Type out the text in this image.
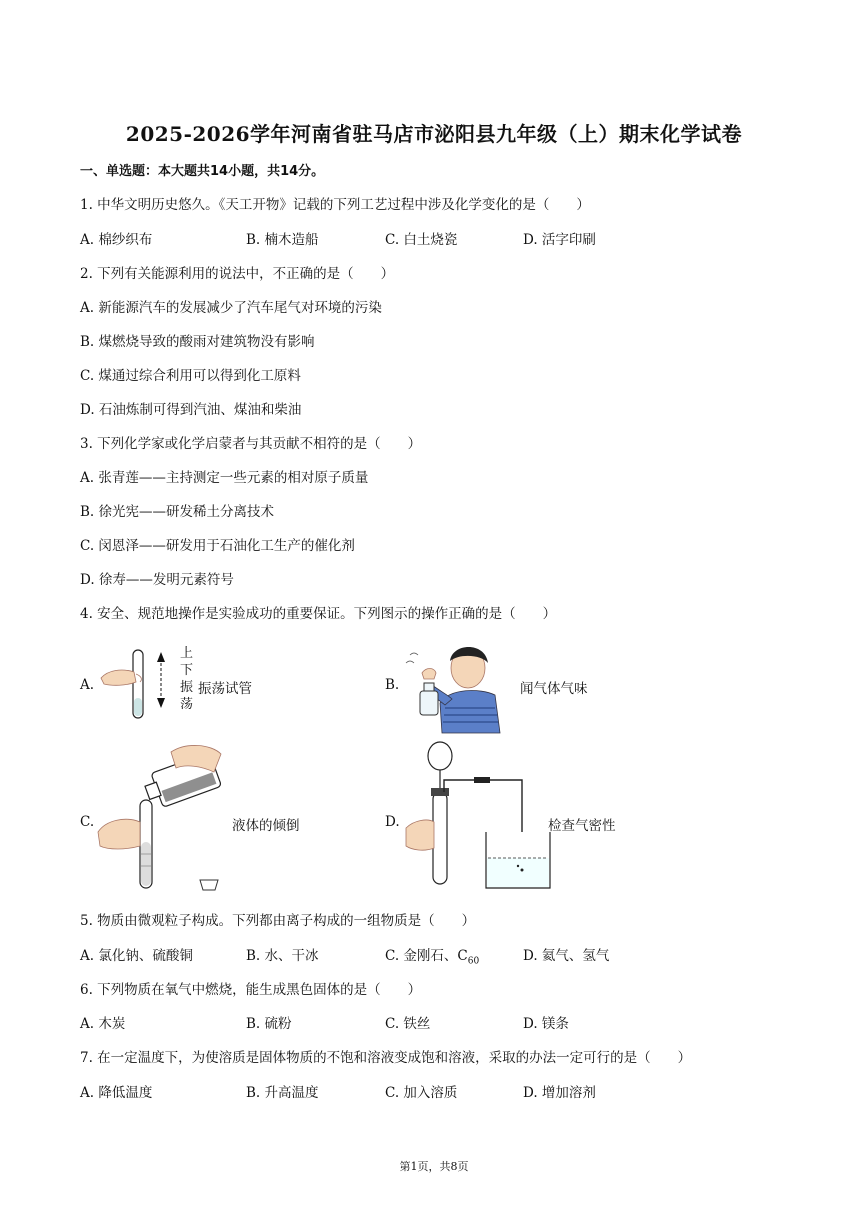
2025-2026学年河南省驻马店市泌阳县九年级（上）期末化学试卷
一、单选题：本大题共14小题，共14分。
1. 中华文明历史悠久。《天工开物》记载的下列工艺过程中涉及化学变化的是（　　）
A. 棉纱织布	B. 楠木造船	C. 白土烧瓷	D. 活字印刷
2. 下列有关能源利用的说法中，不正确的是（　　）
A. 新能源汽车的发展减少了汽车尾气对环境的污染
B. 煤燃烧导致的酸雨对建筑物没有影响
C. 煤通过综合利用可以得到化工原料
D. 石油炼制可得到汽油、煤油和柴油
3. 下列化学家或化学启蒙者与其贡献不相符的是（　　）
A. 张青莲——主持测定一些元素的相对原子质量
B. 徐光宪——研发稀土分离技术
C. 闵恩泽——研发用于石油化工生产的催化剂
D. 徐寿——发明元素符号
4. 安全、规范地操作是实验成功的重要保证。下列图示的操作正确的是（　　）
A.
上
下
振
荡
振荡试管	B.	闻气体气味
C.	液体的倾倒	D.	检查气密性
5. 物质由微观粒子构成。下列都由离子构成的一组物质是（　　）
A. 氯化钠、硫酸铜	B. 水、干冰	C. 金刚石、$C_{60}$	D. 氦气、氢气
6. 下列物质在氧气中燃烧，能生成黑色固体的是（　　）
A. 木炭	B. 硫粉	C. 铁丝	D. 镁条
7. 在一定温度下，为使溶质是固体物质的不饱和溶液变成饱和溶液，采取的办法一定可行的是（　　）
A. 降低温度	B. 升高温度	C. 加入溶质	D. 增加溶剂
第1页，共8页
